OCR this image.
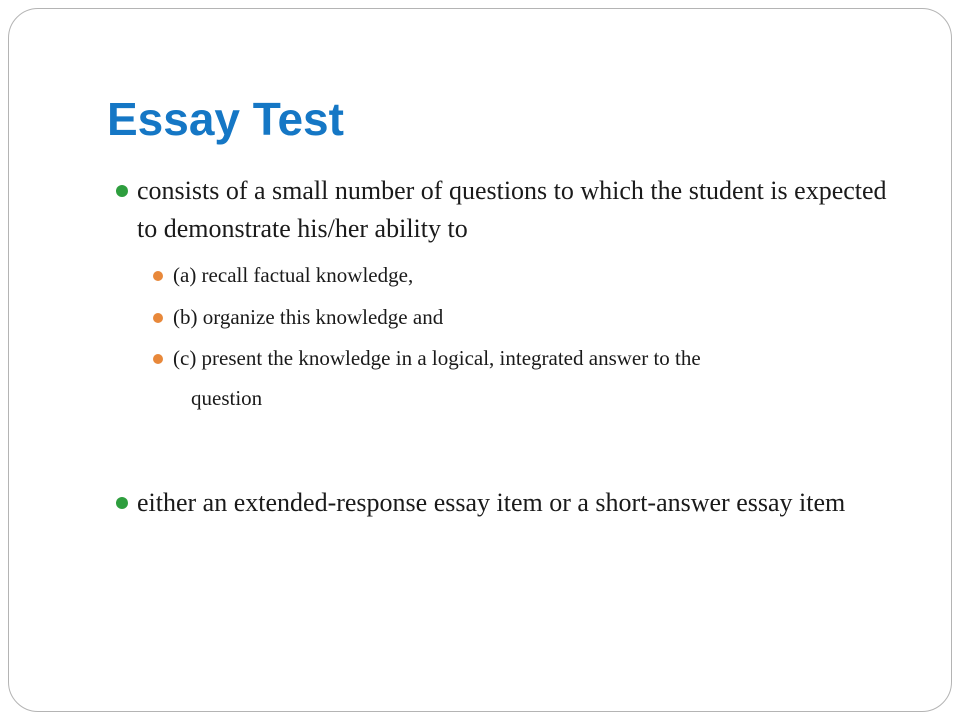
Essay Test

consists of a small number of questions to which the student is expected to demonstrate his/her ability to

(a) recall factual knowledge,

(b) organize this knowledge and

(c) present the knowledge in a logical, integrated answer to the
question

either an extended-response essay item or a short-answer essay item
